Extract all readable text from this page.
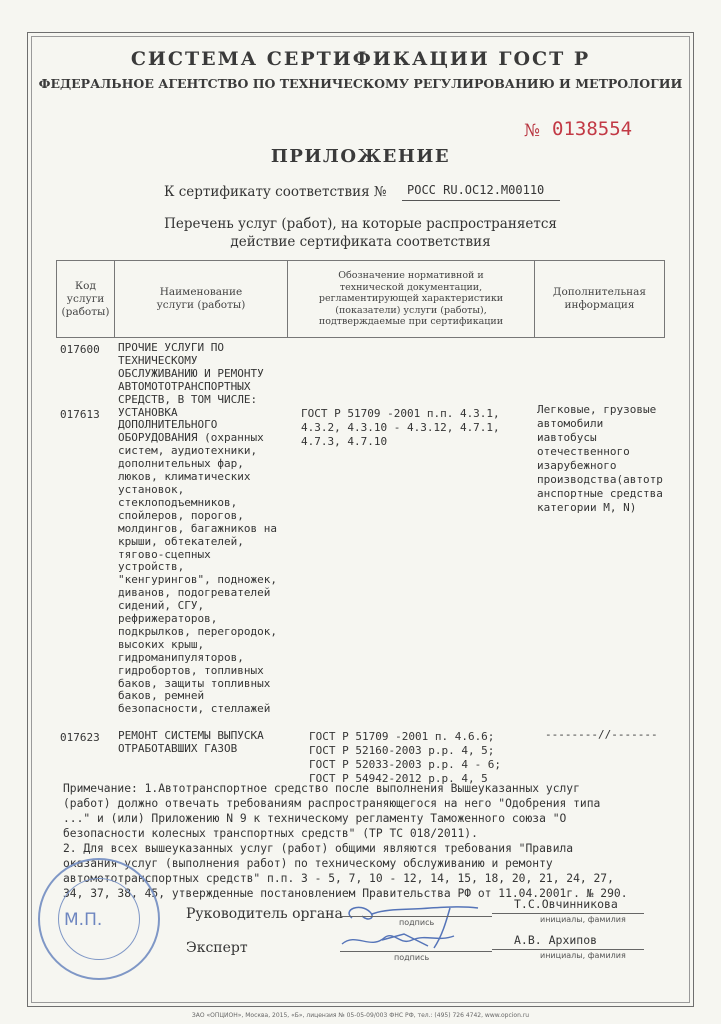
СИСТЕМА СЕРТИФИКАЦИИ ГОСТ Р
ФЕДЕРАЛЬНОЕ АГЕНТСТВО ПО ТЕХНИЧЕСКОМУ РЕГУЛИРОВАНИЮ И МЕТРОЛОГИИ
№ 0138554
ПРИЛОЖЕНИЕ
К сертификату соответствия № РОСС RU.ОС12.М00110
Перечень услуг (работ), на которые распространяется
действие сертификата соответствия
Код
услуги
(работы)
Наименование
услуги (работы)
Обозначение нормативной и
технической документации,
регламентирующей характеристики
(показатели) услуги (работы),
подтверждаемые при сертификации
Дополнительная
информация
017600
017613
017623
ПРОЧИЕ УСЛУГИ ПО
ТЕХНИЧЕСКОМУ
ОБСЛУЖИВАНИЮ И РЕМОНТУ
АВТОМОТОТРАНСПОРТНЫХ
СРЕДСТВ, В ТОМ ЧИСЛЕ:
УСТАНОВКА
ДОПОЛНИТЕЛЬНОГО
ОБОРУДОВАНИЯ (охранных
систем, аудиотехники,
дополнительных фар,
люков, климатических
установок,
стеклоподъемников,
спойлеров, порогов,
молдингов, багажников на
крыши, обтекателей,
тягово-сцепных
устройств,
"кенгурингов", подножек,
диванов, подогревателей
сидений, СГУ,
рефрижераторов,
подкрылков, перегородок,
высоких крыш,
гидроманипуляторов,
гидробортов, топливных
баков, защиты топливных
баков, ремней
безопасности, стеллажей
РЕМОНТ СИСТЕМЫ ВЫПУСКА
ОТРАБОТАВШИХ ГАЗОВ
ГОСТ Р 51709 -2001 п.п. 4.3.1,
4.3.2, 4.3.10 - 4.3.12, 4.7.1,
4.7.3, 4.7.10
ГОСТ Р 51709 -2001 п. 4.6.6;
ГОСТ Р 52160-2003 р.р. 4, 5;
ГОСТ Р 52033-2003 р.р. 4 - 6;
ГОСТ Р 54942-2012 р.р. 4, 5
Легковые, грузовые
автомобили
иавтобусы
отечественного
изарубежного
производства(автотр
анспортные средства
категории М, N)
--------//-------
Примечание: 1.Автотранспортное средство после выполнения Вышеуказанных услуг
(работ) должно отвечать требованиям распространяющегося на него "Одобрения типа
..." и (или) Приложению N 9 к техническому регламенту Таможенного союза "О
безопасности колесных транспортных средств" (ТР ТС 018/2011).
2. Для всех вышеуказанных услуг (работ) общими являются требования "Правила
оказания услуг (выполнения работ) по техническому обслуживанию и ремонту
автомототранспортных средств" п.п. 3 - 5, 7, 10 - 12, 14, 15, 18, 20, 21, 24, 27,
34, 37, 38, 45, утвержденные постановлением Правительства РФ от 11.04.2001г. № 290.
М.П.	Руководитель органа
подпись
Т.С.Овчинникова
инициалы, фамилия
Эксперт
подпись
А.В. Архипов
инициалы, фамилия
ЗАО «ОПЦИОН», Москва, 2015, «Б», лицензия № 05-05-09/003 ФНС РФ, тел.: (495) 726 4742, www.opcion.ru
